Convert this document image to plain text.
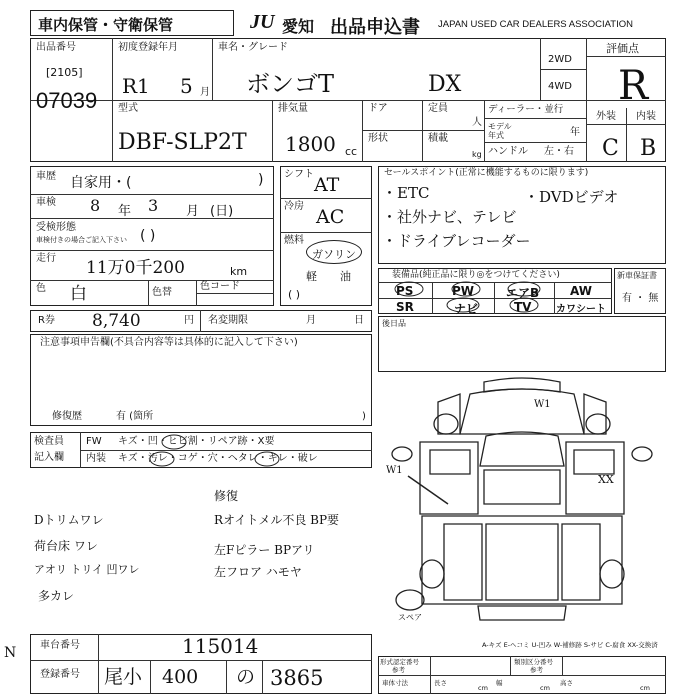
車内保管・守衛保管	JU 愛知 出品申込書 JAPAN USED CAR DEALERS ASSOCIATION
出品番号
[2105]
07039
初度登録年月
R1 5 月
車名・グレード
ボンゴT	DX
2WD
4WD
評価点
R
型式
DBF-SLP2T
排気量
1800 cc
ドア	定員
人
形状	積載
kg
ディーラー・並行
モデル年式	年
ハンドル 左・右
外装 内装
C B
車歴 自家用・(	)
車検 8 年 3 月 (日)
受検形態
車検付きの場合ご記入下さい ( )
走行 11万0千200	km
色 白	色替
色コード
R券 8,740	円 名変期限	月	日
シフト AT
冷房 AC
燃料
ガソリン
軽 油
( )
セールスポイント(正常に機能するものに限ります)
・ETC
・社外ナビ、テレビ
・ドライブレコーダー
・DVDビデオ
装備品(純正品に限り◎をつけてください)
PS	PW	エアB	AW
SR	ナビ	TV カワシート
新車保証書
有 ・ 無
注意事項申告欄(不具合内容等は具体的に記入して下さい)
修復歴	有 (箇所	)
後日品
検査員
記入欄
FW キズ・凹・ヒビ割・リペア跡・X要
内装 キズ・汚レ・コゲ・穴・ヘタレ・キレ・破レ
Dトリムワレ
荷台床 ワレ
アオリ トリイ 凹ワレ
多カレ
修復
Rオイトメル不良 BP要
左Fピラー BPアリ
左フロア ハモヤ
W1
XX
W1
スペア
A-キズ E-ヘコミ U-凹み W-補修跡 S-サビ C-腐食 XX-交換済
車台番号	115014
登録番号 尾小 400 の 3865
N
形式認定番号
参考
類別区分番号
参考
車体寸法	長さ
cm
幅
cm
高さ
cm
